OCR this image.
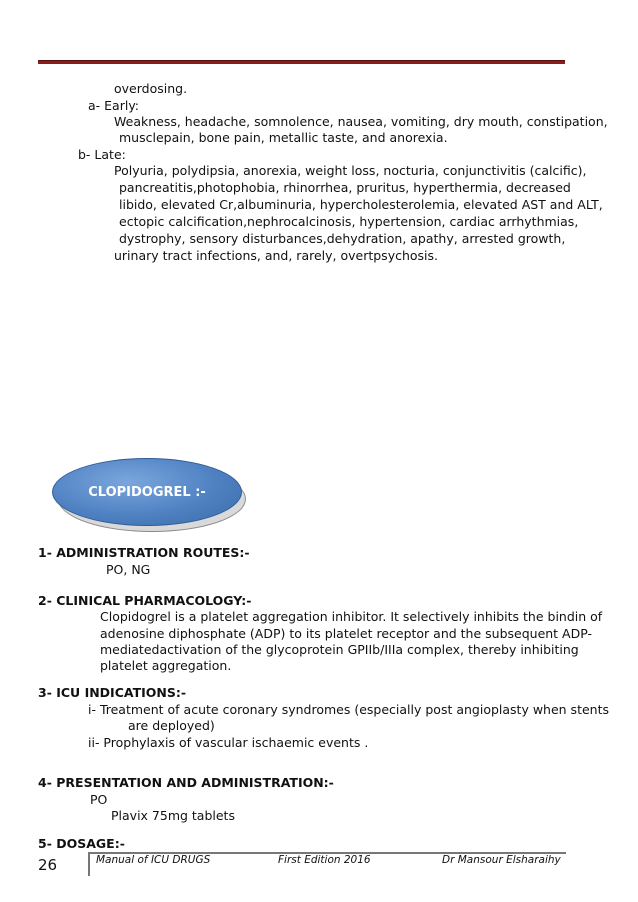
overdosing.
a- Early:
Weakness, headache, somnolence, nausea, vomiting, dry mouth, constipation,
musclepain, bone pain, metallic taste, and anorexia.
b- Late:
Polyuria, polydipsia, anorexia, weight loss, nocturia, conjunctivitis (calcific),
pancreatitis,photophobia, rhinorrhea, pruritus, hyperthermia, decreased
libido, elevated Cr,albuminuria, hypercholesterolemia, elevated AST and ALT,
ectopic calcification,nephrocalcinosis, hypertension, cardiac arrhythmias,
dystrophy, sensory disturbances,dehydration, apathy, arrested growth,
urinary tract infections, and, rarely, overtpsychosis.
CLOPIDOGREL :-
1- ADMINISTRATION ROUTES:-
PO, NG
2- CLINICAL PHARMACOLOGY:-
Clopidogrel is a platelet aggregation inhibitor. It selectively inhibits the bindin of
adenosine diphosphate (ADP) to its platelet receptor and the subsequent ADP-
mediatedactivation of the glycoprotein GPIIb/IIIa complex, thereby inhibiting
platelet aggregation.
3- ICU INDICATIONS:-
i- Treatment of acute coronary syndromes (especially post angioplasty when stents
are deployed)
ii- Prophylaxis of vascular ischaemic events .
4- PRESENTATION AND ADMINISTRATION:-
PO
Plavix 75mg tablets
5- DOSAGE:-
26	Manual of ICU DRUGS	First Edition 2016	Dr Mansour Elsharaihy
